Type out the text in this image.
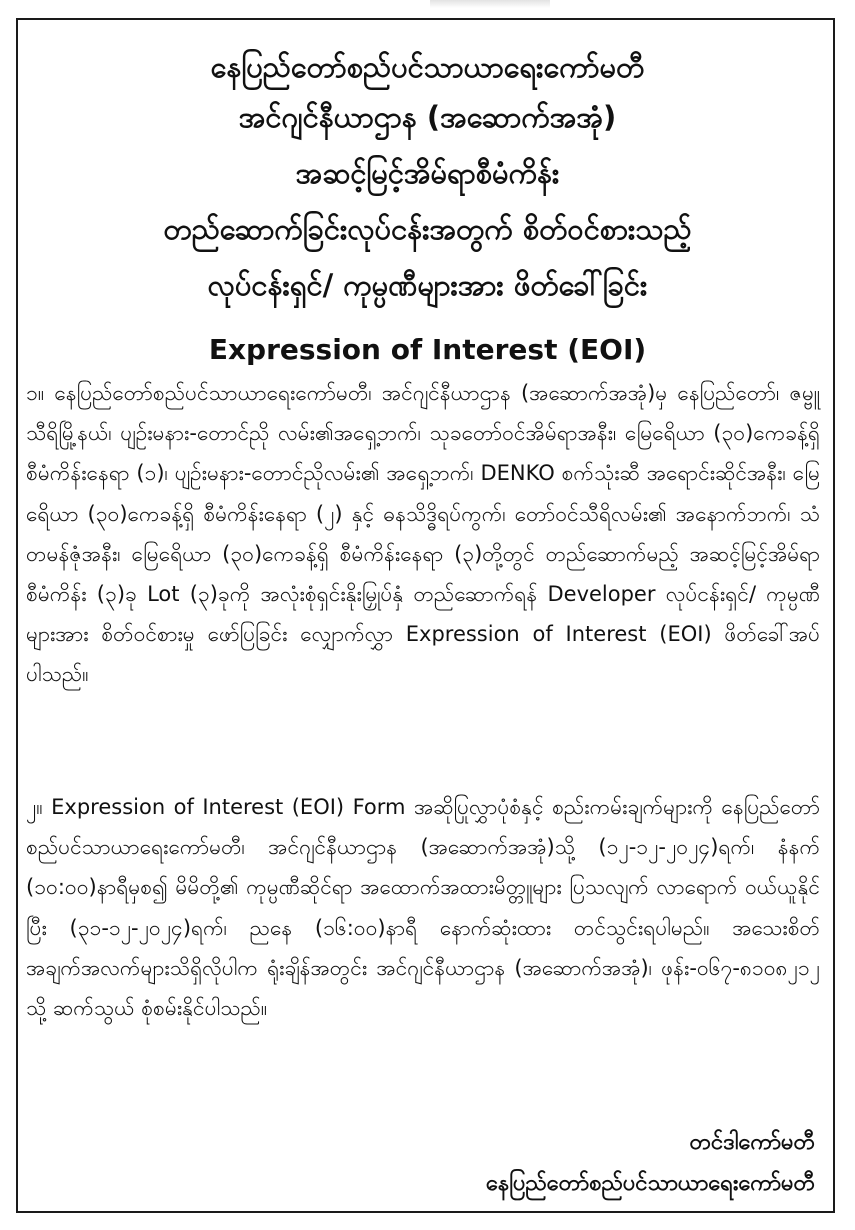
နေပြည်တော်စည်ပင်သာယာရေးကော်မတီ
အင်ဂျင်နီယာဌာန (အဆောက်အအုံ)
အဆင့်မြင့်အိမ်ရာစီမံကိန်း
တည်ဆောက်ခြင်းလုပ်ငန်းအတွက် စိတ်ဝင်စားသည့်
လုပ်ငန်းရှင်/ ကုမ္ပဏီများအား ဖိတ်ခေါ်ခြင်း
Expression of Interest (EOI)
၁။ နေပြည်တော်စည်ပင်သာယာရေးကော်မတီ၊ အင်ဂျင်နီယာဌာန (အဆောက်အအုံ)မှ နေပြည်တော်၊ ဇမ္ဗူသီရိမြို့နယ်၊ ပျဉ်းမနား-တောင်ညို လမ်း၏အရှေ့ဘက်၊ သုခတော်ဝင်အိမ်ရာအနီး၊ မြေရေိယာ (၃၀)ကေခန့်ရှိ စီမံကိန်းနေရာ (၁)၊ ပျဉ်းမနား-တောင်ညိုလမ်း၏ အရှေ့ဘက်၊ DENKO စက်သုံးဆီ အရောင်းဆိုင်အနီး၊ မြေရေိယာ (၃၀)ကေခန့်ရှိ စီမံကိန်းနေရာ (၂) နှင့် ဓနသိဒ္ဓိရပ်ကွက်၊ တော်ဝင်သီရိလမ်း၏ အနောက်ဘက်၊ သံတမန်ဇုံအနီး၊ မြေရေိယာ (၃၀)ကေခန့်ရှိ စီမံကိန်းနေရာ (၃)တို့တွင် တည်ဆောက်မည့် အဆင့်မြင့်အိမ်ရာစီမံကိန်း (၃)ခု Lot (၃)ခုကို အလုံးစုံရှင်းနိုးမြှုပ်နှံ တည်ဆောက်ရန် Developer လုပ်ငန်းရှင်/ ကုမ္ပဏီများအား စိတ်ဝင်စားမှု ဖော်ပြခြင်း လျှောက်လွှာ Expression of Interest (EOI) ဖိတ်ခေါ်အပ်ပါသည်။
၂။ Expression of Interest (EOI) Form အဆိုပြုလွှာပုံစံနှင့် စည်းကမ်းချက်များကို နေပြည်တော်စည်ပင်သာယာရေးကော်မတီ၊ အင်ဂျင်နီယာဌာန (အဆောက်အအုံ)သို့ (၁၂-၁၂-၂၀၂၄)ရက်၊ နံနက် (၁၀:၀၀)နာရီမှစ၍ မိမိတို့၏ ကုမ္ပဏီဆိုင်ရာ အထောက်အထားမိတ္တူများ ပြသလျက် လာရောက် ဝယ်ယူနိုင်ပြီး (၃၁-၁၂-၂၀၂၄)ရက်၊ ညနေ (၁၆:၀၀)နာရီ နောက်ဆုံးထား တင်သွင်းရပါမည်။ အသေးစိတ်အချက်အလက်များသိရှိလိုပါက ရုံးချိန်အတွင်း အင်ဂျင်နီယာဌာန (အဆောက်အအုံ)၊ ဖုန်း-၀၆၇-၈၁၀၈၂၁၂ သို့ ဆက်သွယ် စုံစမ်းနိုင်ပါသည်။
တင်ဒါကော်မတီ
နေပြည်တော်စည်ပင်သာယာရေးကော်မတီ
